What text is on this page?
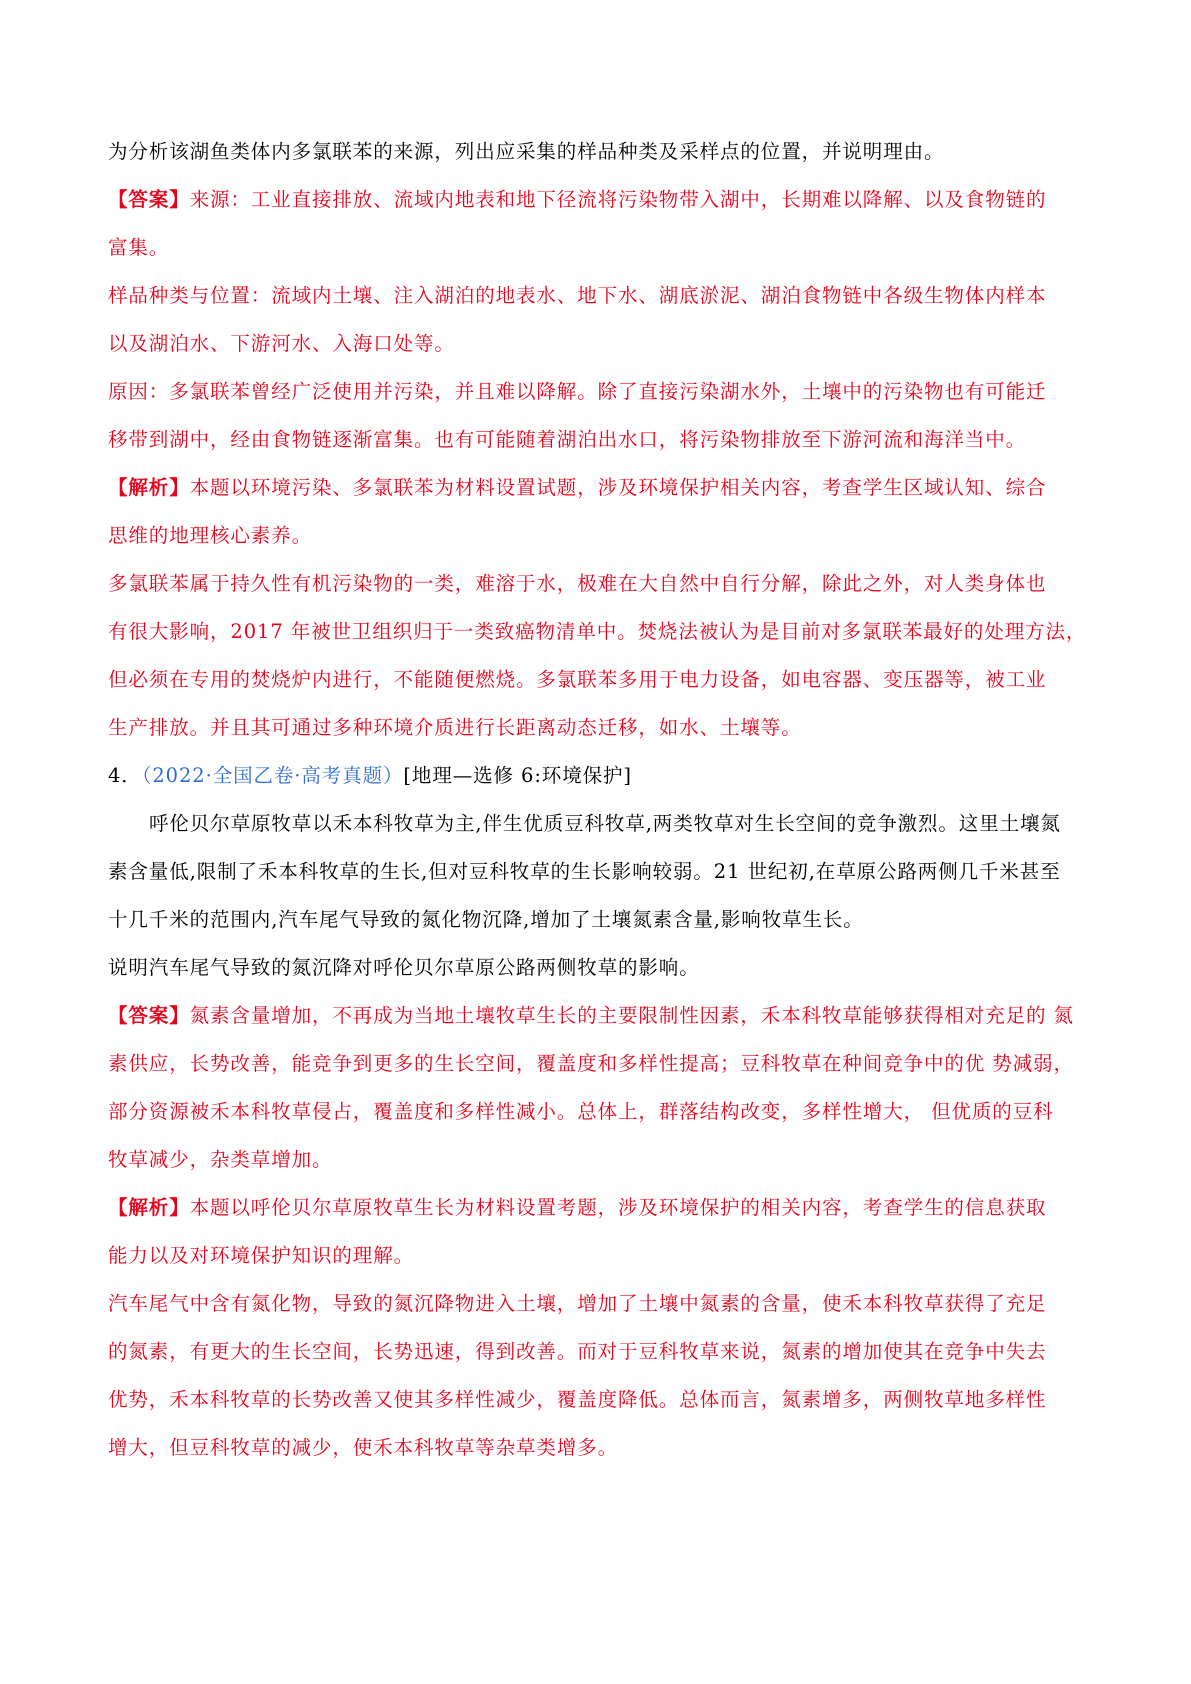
为分析该湖鱼类体内多氯联苯的来源，列出应采集的样品种类及采样点的位置，并说明理由。
【答案】来源：工业直接排放、流域内地表和地下径流将污染物带入湖中，长期难以降解、以及食物链的
富集。
样品种类与位置：流域内土壤、注入湖泊的地表水、地下水、湖底淤泥、湖泊食物链中各级生物体内样本
以及湖泊水、下游河水、入海口处等。
原因：多氯联苯曾经广泛使用并污染，并且难以降解。除了直接污染湖水外，土壤中的污染物也有可能迁
移带到湖中，经由食物链逐渐富集。也有可能随着湖泊出水口，将污染物排放至下游河流和海洋当中。
【解析】本题以环境污染、多氯联苯为材料设置试题，涉及环境保护相关内容，考查学生区域认知、综合
思维的地理核心素养。
多氯联苯属于持久性有机污染物的一类，难溶于水，极难在大自然中自行分解，除此之外，对人类身体也
有很大影响，2017 年被世卫组织归于一类致癌物清单中。焚烧法被认为是目前对多氯联苯最好的处理方法，
但必须在专用的焚烧炉内进行，不能随便燃烧。多氯联苯多用于电力设备，如电容器、变压器等，被工业
生产排放。并且其可通过多种环境介质进行长距离动态迁移，如水、土壤等。
4．（2022·全国乙卷·高考真题）[地理—选修 6:环境保护]
呼伦贝尔草原牧草以禾本科牧草为主,伴生优质豆科牧草,两类牧草对生长空间的竞争激烈。这里土壤氮
素含量低,限制了禾本科牧草的生长,但对豆科牧草的生长影响较弱。21 世纪初,在草原公路两侧几千米甚至
十几千米的范围内,汽车尾气导致的氮化物沉降,增加了土壤氮素含量,影响牧草生长。
说明汽车尾气导致的氮沉降对呼伦贝尔草原公路两侧牧草的影响。
【答案】氮素含量增加，不再成为当地土壤牧草生长的主要限制性因素，禾本科牧草能够获得相对充足的 氮
素供应，长势改善，能竞争到更多的生长空间，覆盖度和多样性提高；豆科牧草在种间竞争中的优 势减弱，
部分资源被禾本科牧草侵占，覆盖度和多样性减小。总体上，群落结构改变，多样性增大， 但优质的豆科
牧草减少，杂类草增加。
【解析】本题以呼伦贝尔草原牧草生长为材料设置考题，涉及环境保护的相关内容，考查学生的信息获取
能力以及对环境保护知识的理解。
汽车尾气中含有氮化物，导致的氮沉降物进入土壤，增加了土壤中氮素的含量，使禾本科牧草获得了充足
的氮素，有更大的生长空间，长势迅速，得到改善。而对于豆科牧草来说，氮素的增加使其在竞争中失去
优势，禾本科牧草的长势改善又使其多样性减少，覆盖度降低。总体而言，氮素增多，两侧牧草地多样性
增大，但豆科牧草的减少，使禾本科牧草等杂草类增多。
